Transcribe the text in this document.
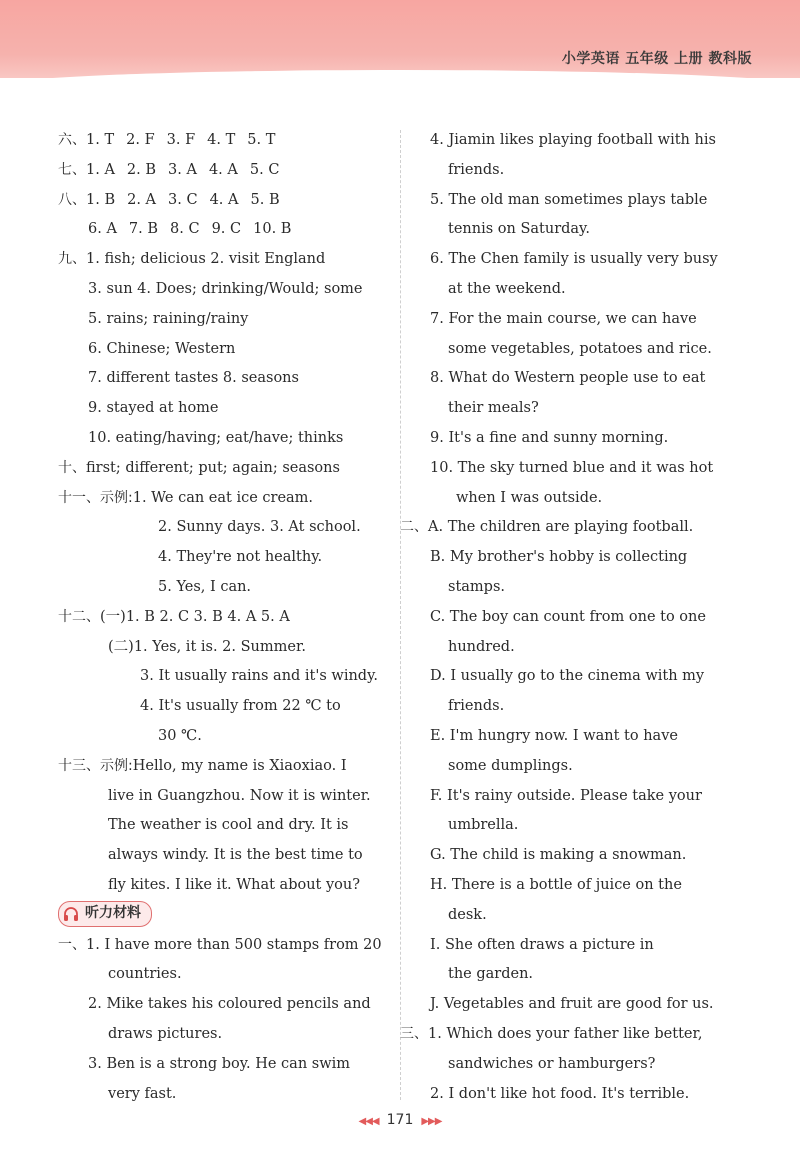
小学英语 五年级 上册 教科版
六、1. T 2. F 3. F 4. T 5. T
七、1. A 2. B 3. A 4. A 5. C
八、1. B 2. A 3. C 4. A 5. B
6. A 7. B 8. C 9. C 10. B
九、1. fish; delicious 2. visit England
3. sun 4. Does; drinking/Would; some
5. rains; raining/rainy
6. Chinese; Western
7. different tastes 8. seasons
9. stayed at home
10. eating/having; eat/have; thinks
十、first; different; put; again; seasons
十一、示例:1. We can eat ice cream.
2. Sunny days. 3. At school.
4. They're not healthy.
5. Yes, I can.
十二、(一)1. B 2. C 3. B 4. A 5. A
(二)1. Yes, it is. 2. Summer.
3. It usually rains and it's windy.
4. It's usually from 22 ℃ to
30 ℃.
十三、示例:Hello, my name is Xiaoxiao. I
live in Guangzhou. Now it is winter.
The weather is cool and dry. It is
always windy. It is the best time to
fly kites. I like it. What about you?
听力材料
一、1. I have more than 500 stamps from 20
countries.
2. Mike takes his coloured pencils and
draws pictures.
3. Ben is a strong boy. He can swim
very fast.
4. Jiamin likes playing football with his
friends.
5. The old man sometimes plays table
tennis on Saturday.
6. The Chen family is usually very busy
at the weekend.
7. For the main course, we can have
some vegetables, potatoes and rice.
8. What do Western people use to eat
their meals?
9. It's a fine and sunny morning.
10. The sky turned blue and it was hot
when I was outside.
二、A. The children are playing football.
B. My brother's hobby is collecting
stamps.
C. The boy can count from one to one
hundred.
D. I usually go to the cinema with my
friends.
E. I'm hungry now. I want to have
some dumplings.
F. It's rainy outside. Please take your
umbrella.
G. The child is making a snowman.
H. There is a bottle of juice on the
desk.
I. She often draws a picture in
the garden.
J. Vegetables and fruit are good for us.
三、1. Which does your father like better,
sandwiches or hamburgers?
2. I don't like hot food. It's terrible.
◀◀◀ 171 ▶▶▶
